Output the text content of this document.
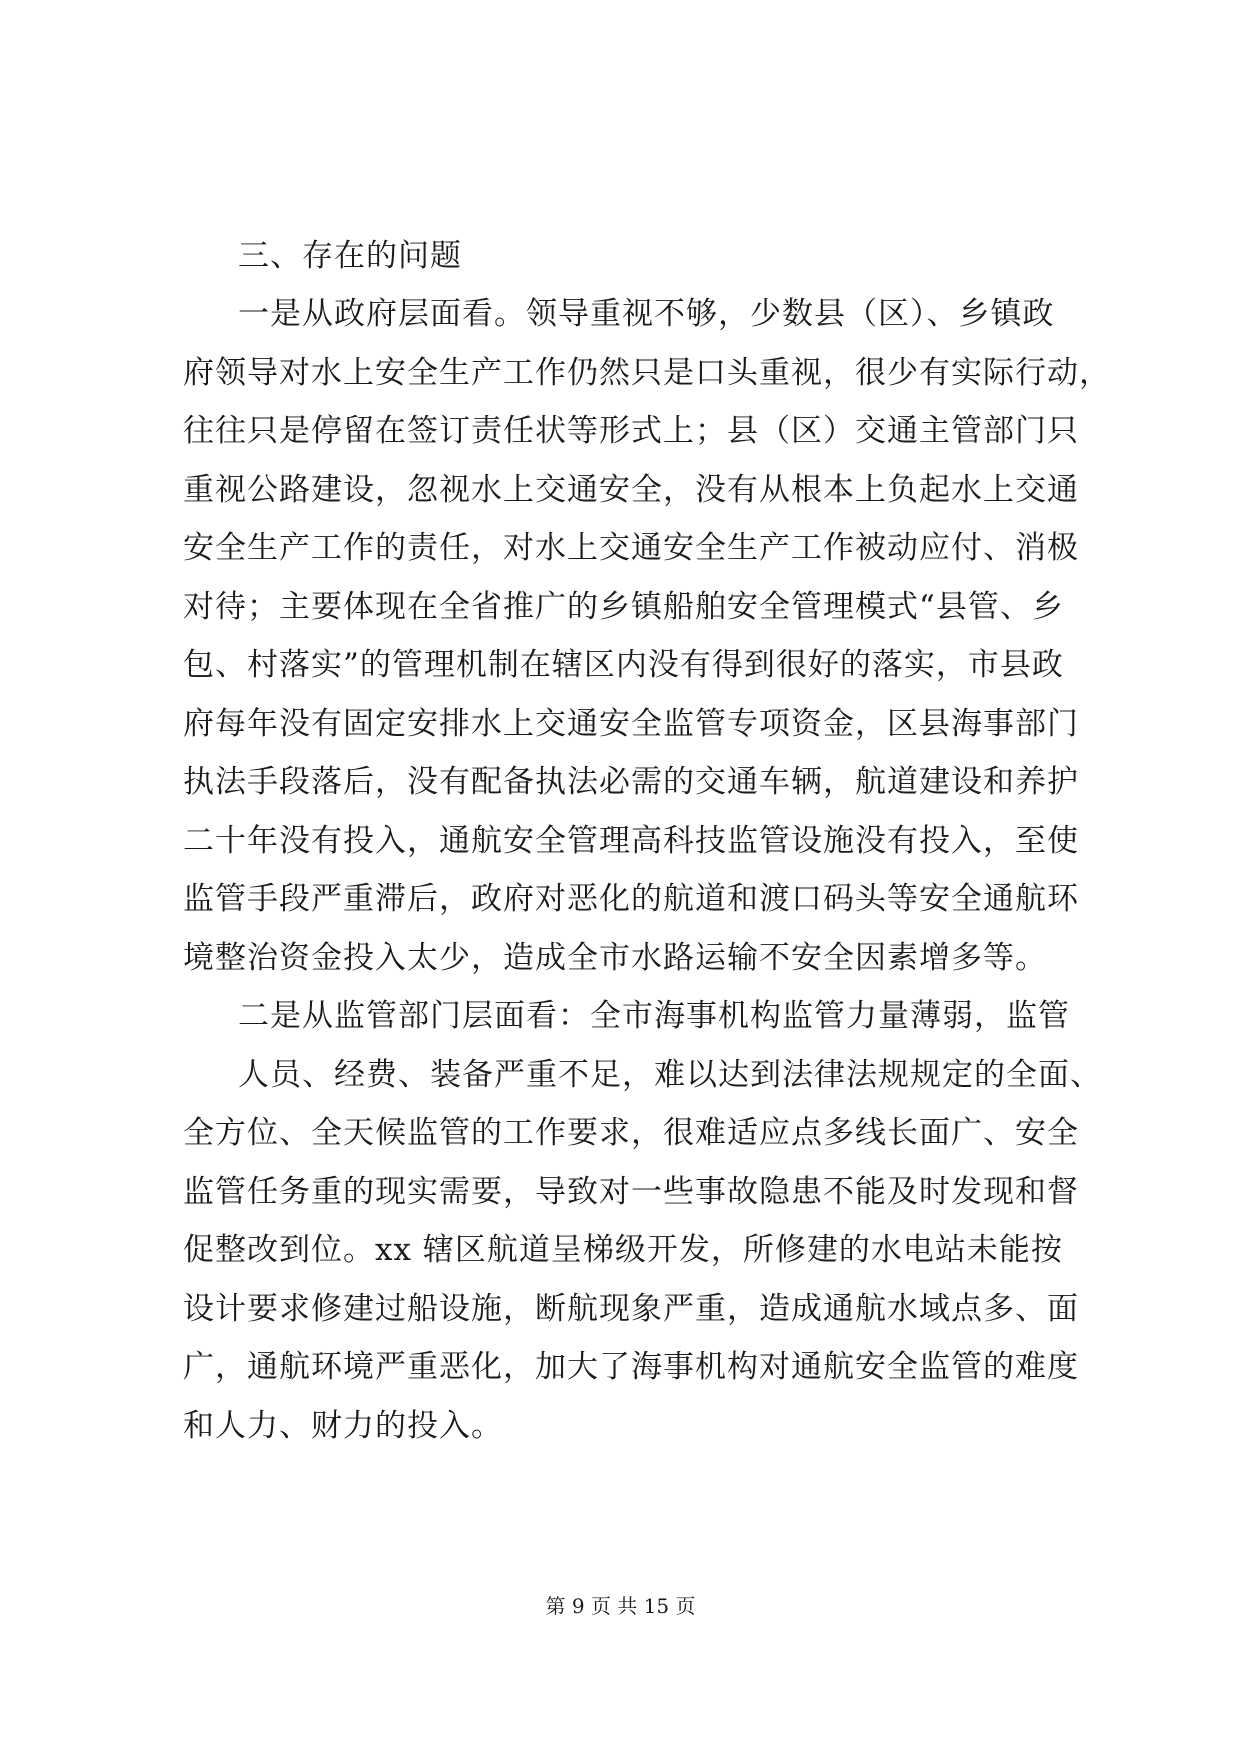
三、存在的问题
一是从政府层面看。领导重视不够，少数县（区）、乡镇政
府领导对水上安全生产工作仍然只是口头重视，很少有实际行动，
往往只是停留在签订责任状等形式上；县（区）交通主管部门只
重视公路建设，忽视水上交通安全，没有从根本上负起水上交通
安全生产工作的责任，对水上交通安全生产工作被动应付、消极
对待；主要体现在全省推广的乡镇船舶安全管理模式“县管、乡
包、村落实”的管理机制在辖区内没有得到很好的落实，市县政
府每年没有固定安排水上交通安全监管专项资金，区县海事部门
执法手段落后，没有配备执法必需的交通车辆，航道建设和养护
二十年没有投入，通航安全管理高科技监管设施没有投入，至使
监管手段严重滞后，政府对恶化的航道和渡口码头等安全通航环
境整治资金投入太少，造成全市水路运输不安全因素增多等。
二是从监管部门层面看：全市海事机构监管力量薄弱，监管
人员、经费、装备严重不足，难以达到法律法规规定的全面、
全方位、全天候监管的工作要求，很难适应点多线长面广、安全
监管任务重的现实需要，导致对一些事故隐患不能及时发现和督
促整改到位。xx 辖区航道呈梯级开发，所修建的水电站未能按
设计要求修建过船设施，断航现象严重，造成通航水域点多、面
广，通航环境严重恶化，加大了海事机构对通航安全监管的难度
和人力、财力的投入。
第 9 页 共 15 页
